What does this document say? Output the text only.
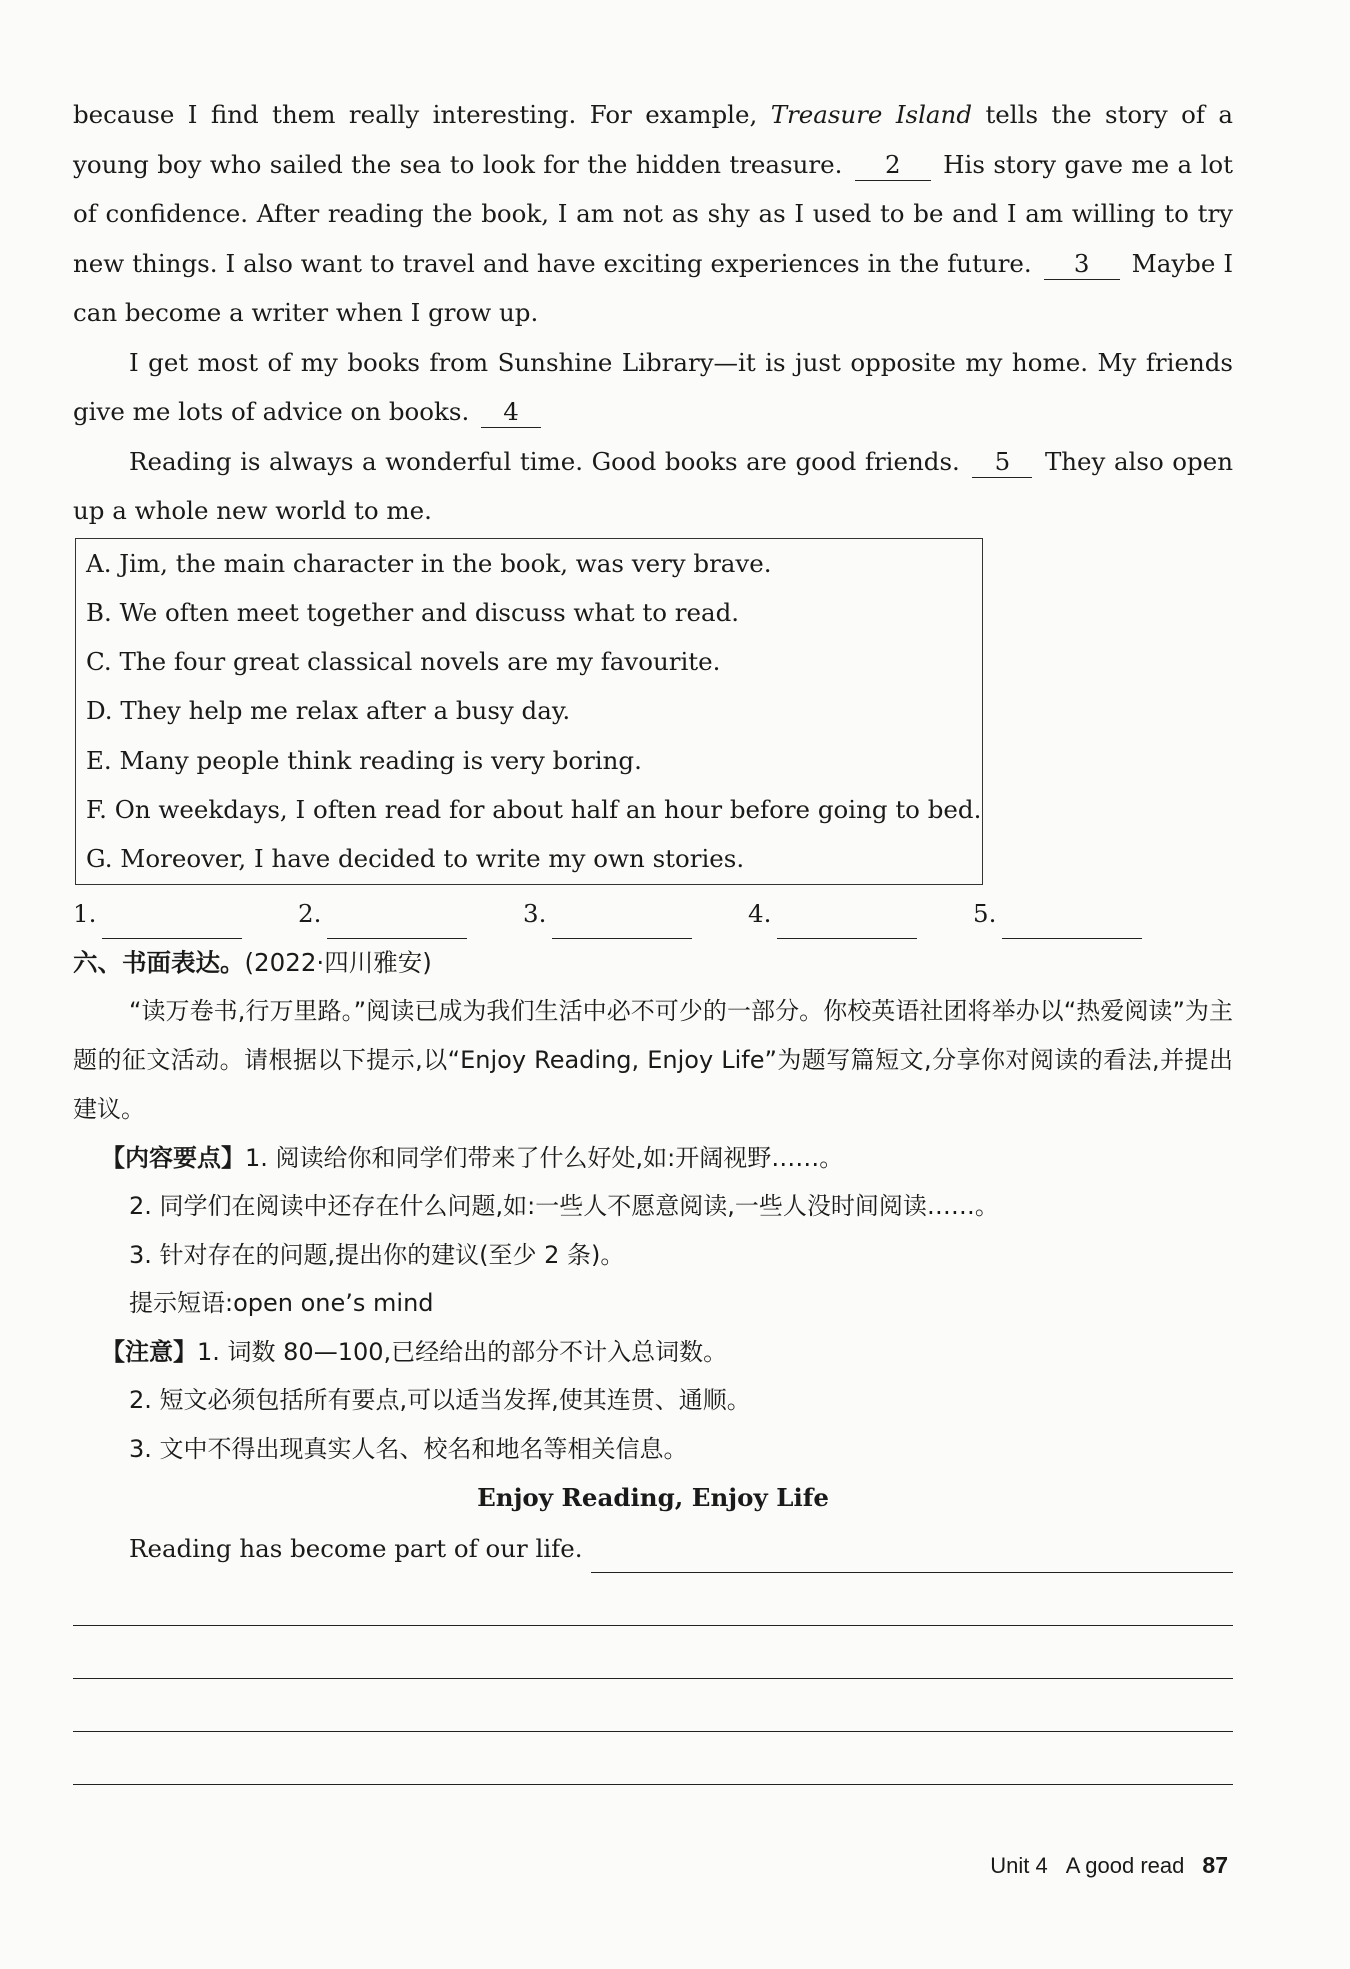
because I find them really interesting. For example, Treasure Island tells the story of a young boy who sailed the sea to look for the hidden treasure. 2 His story gave me a lot of confidence. After reading the book, I am not as shy as I used to be and I am willing to try new things. I also want to travel and have exciting experiences in the future. 3 Maybe I can become a writer when I grow up.

I get most of my books from Sunshine Library—it is just opposite my home. My friends give me lots of advice on books. 4

Reading is always a wonderful time. Good books are good friends. 5 They also open up a whole new world to me.

A. Jim, the main character in the book, was very brave.
B. We often meet together and discuss what to read.
C. The four great classical novels are my favourite.
D. They help me relax after a busy day.
E. Many people think reading is very boring.
F. On weekdays, I often read for about half an hour before going to bed.
G. Moreover, I have decided to write my own stories.
1.	2.	3.	4.	5.
六、书面表达。(2022·四川雅安)

“读万卷书,行万里路。”阅读已成为我们生活中必不可少的一部分。你校英语社团将举办以“热爱阅读”为主题的征文活动。请根据以下提示,以“Enjoy Reading, Enjoy Life”为题写篇短文,分享你对阅读的看法,并提出建议。

【内容要点】1. 阅读给你和同学们带来了什么好处,如:开阔视野……。
2. 同学们在阅读中还存在什么问题,如:一些人不愿意阅读,一些人没时间阅读……。
3. 针对存在的问题,提出你的建议(至少 2 条)。
提示短语:open one’s mind
【注意】1. 词数 80—100,已经给出的部分不计入总词数。
2. 短文必须包括所有要点,可以适当发挥,使其连贯、通顺。
3. 文中不得出现真实人名、校名和地名等相关信息。
Enjoy Reading, Enjoy Life
Reading has become part of our life.
Unit 4 A good read 87
